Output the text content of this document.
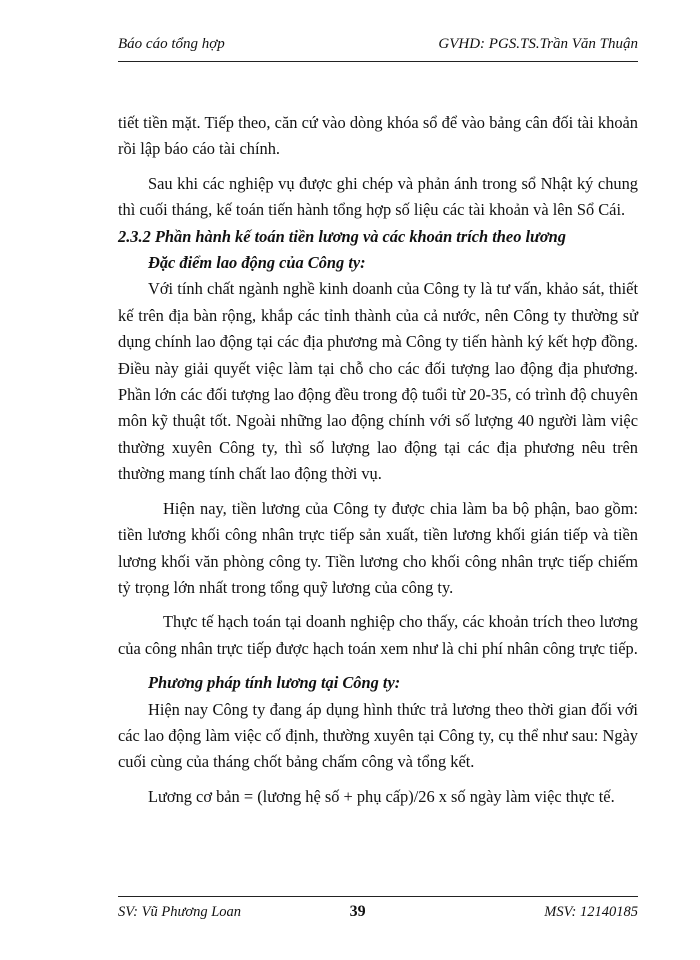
Báo cáo tổng hợp	GVHD: PGS.TS.Trần Văn Thuận

tiết tiền mặt. Tiếp theo, căn cứ vào dòng khóa sổ để vào bảng cân đối tài khoản rồi lập báo cáo tài chính.

Sau khi các nghiệp vụ được ghi chép và phản ánh trong sổ Nhật ký chung thì cuối tháng, kế toán tiến hành tổng hợp số liệu các tài khoản và lên Sổ Cái.

2.3.2 Phần hành kế toán tiền lương và các khoản trích theo lương

Đặc điểm lao động của Công ty:

Với tính chất ngành nghề kinh doanh của Công ty là tư vấn, khảo sát, thiết kế trên địa bàn rộng, khắp các tỉnh thành của cả nước, nên Công ty thường sử dụng chính lao động tại các địa phương mà Công ty tiến hành ký kết hợp đồng. Điều này giải quyết việc làm tại chỗ cho các đối tượng lao động địa phương. Phần lớn các đối tượng lao động đều trong độ tuổi từ 20-35, có trình độ chuyên môn kỹ thuật tốt. Ngoài những lao động chính với số lượng 40 người làm việc thường xuyên Công ty, thì số lượng lao động tại các địa phương nêu trên thường mang tính chất lao động thời vụ.

Hiện nay, tiền lương của Công ty được chia làm ba bộ phận, bao gồm: tiền lương khối công nhân trực tiếp sản xuất, tiền lương khối gián tiếp và tiền lương khối văn phòng công ty. Tiền lương cho khối công nhân trực tiếp chiếm tỷ trọng lớn nhất trong tổng quỹ lương của công ty.

Thực tế hạch toán tại doanh nghiệp cho thấy, các khoản trích theo lương của công nhân trực tiếp được hạch toán xem như là chi phí nhân công trực tiếp.

Phương pháp tính lương tại Công ty:

Hiện nay Công ty đang áp dụng hình thức trả lương theo thời gian đối với các lao động làm việc cố định, thường xuyên tại Công ty, cụ thể như sau: Ngày cuối cùng của tháng chốt bảng chấm công và tổng kết.

Lương cơ bản = (lương hệ số + phụ cấp)/26 x số ngày làm việc thực tế.

SV: Vũ Phương Loan	39	MSV: 12140185
